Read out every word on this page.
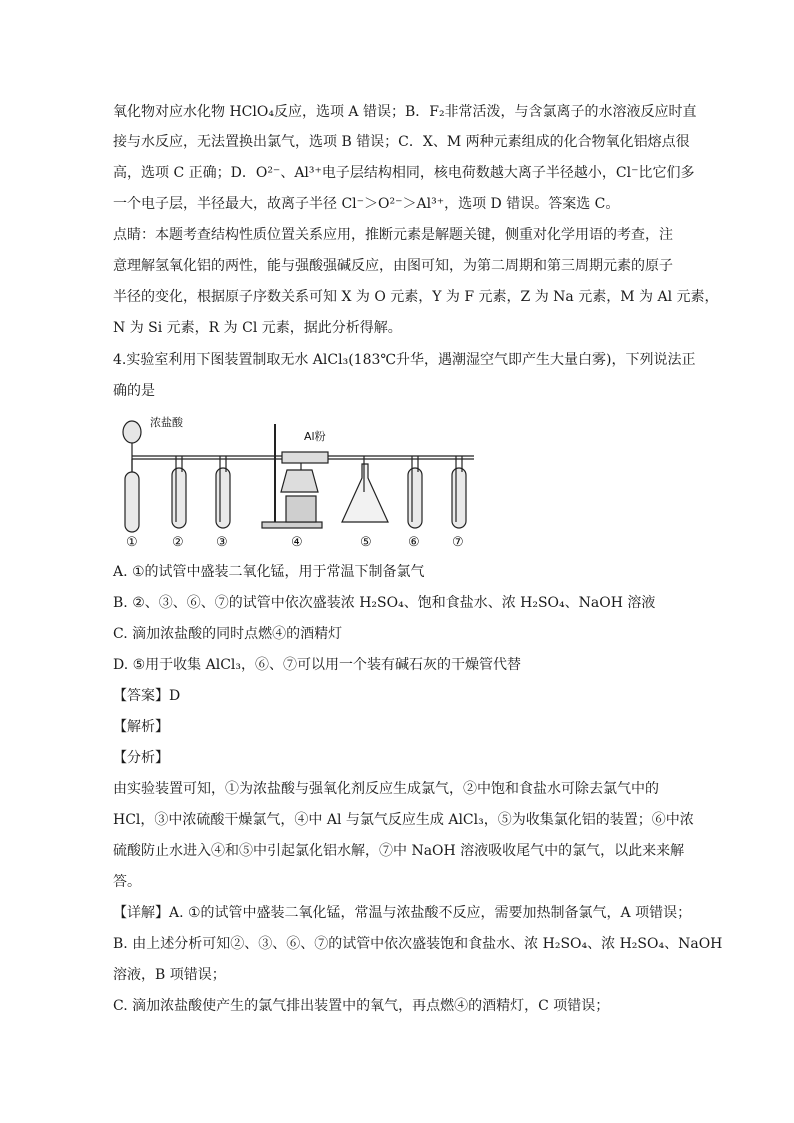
氧化物对应水化物 HClO₄反应，选项 A 错误；B．F₂非常活泼，与含氯离子的水溶液反应时直
接与水反应，无法置换出氯气，选项 B 错误；C．X、M 两种元素组成的化合物氧化铝熔点很
高，选项 C 正确；D．O²⁻、Al³⁺电子层结构相同，核电荷数越大离子半径越小，Cl⁻比它们多
一个电子层，半径最大，故离子半径 Cl⁻＞O²⁻＞Al³⁺，选项 D 错误。答案选 C。
点睛：本题考查结构性质位置关系应用，推断元素是解题关键，侧重对化学用语的考查，注
意理解氢氧化铝的两性，能与强酸强碱反应，由图可知，为第二周期和第三周期元素的原子
半径的变化，根据原子序数关系可知 X 为 O 元素，Y 为 F 元素，Z 为 Na 元素，M 为 Al 元素，
N 为 Si 元素，R 为 Cl 元素，据此分析得解。
4.实验室利用下图装置制取无水 AlCl₃(183℃升华，遇潮湿空气即产生大量白雾)，下列说法正
确的是
浓盐酸
Al粉
①	② ③	④	⑤	⑥ ⑦
A. ①的试管中盛装二氧化锰，用于常温下制备氯气
B. ②、③、⑥、⑦的试管中依次盛装浓 H₂SO₄、饱和食盐水、浓 H₂SO₄、NaOH 溶液
C. 滴加浓盐酸的同时点燃④的酒精灯
D. ⑤用于收集 AlCl₃，⑥、⑦可以用一个装有碱石灰的干燥管代替
【答案】D
【解析】
【分析】
由实验装置可知，①为浓盐酸与强氧化剂反应生成氯气，②中饱和食盐水可除去氯气中的
HCl，③中浓硫酸干燥氯气，④中 Al 与氯气反应生成 AlCl₃，⑤为收集氯化铝的装置；⑥中浓
硫酸防止水进入④和⑤中引起氯化铝水解，⑦中 NaOH 溶液吸收尾气中的氯气，以此来来解
答。
【详解】A. ①的试管中盛装二氧化锰，常温与浓盐酸不反应，需要加热制备氯气，A 项错误；
B. 由上述分析可知②、③、⑥、⑦的试管中依次盛装饱和食盐水、浓 H₂SO₄、浓 H₂SO₄、NaOH
溶液，B 项错误；
C. 滴加浓盐酸使产生的氯气排出装置中的氧气，再点燃④的酒精灯，C 项错误；
